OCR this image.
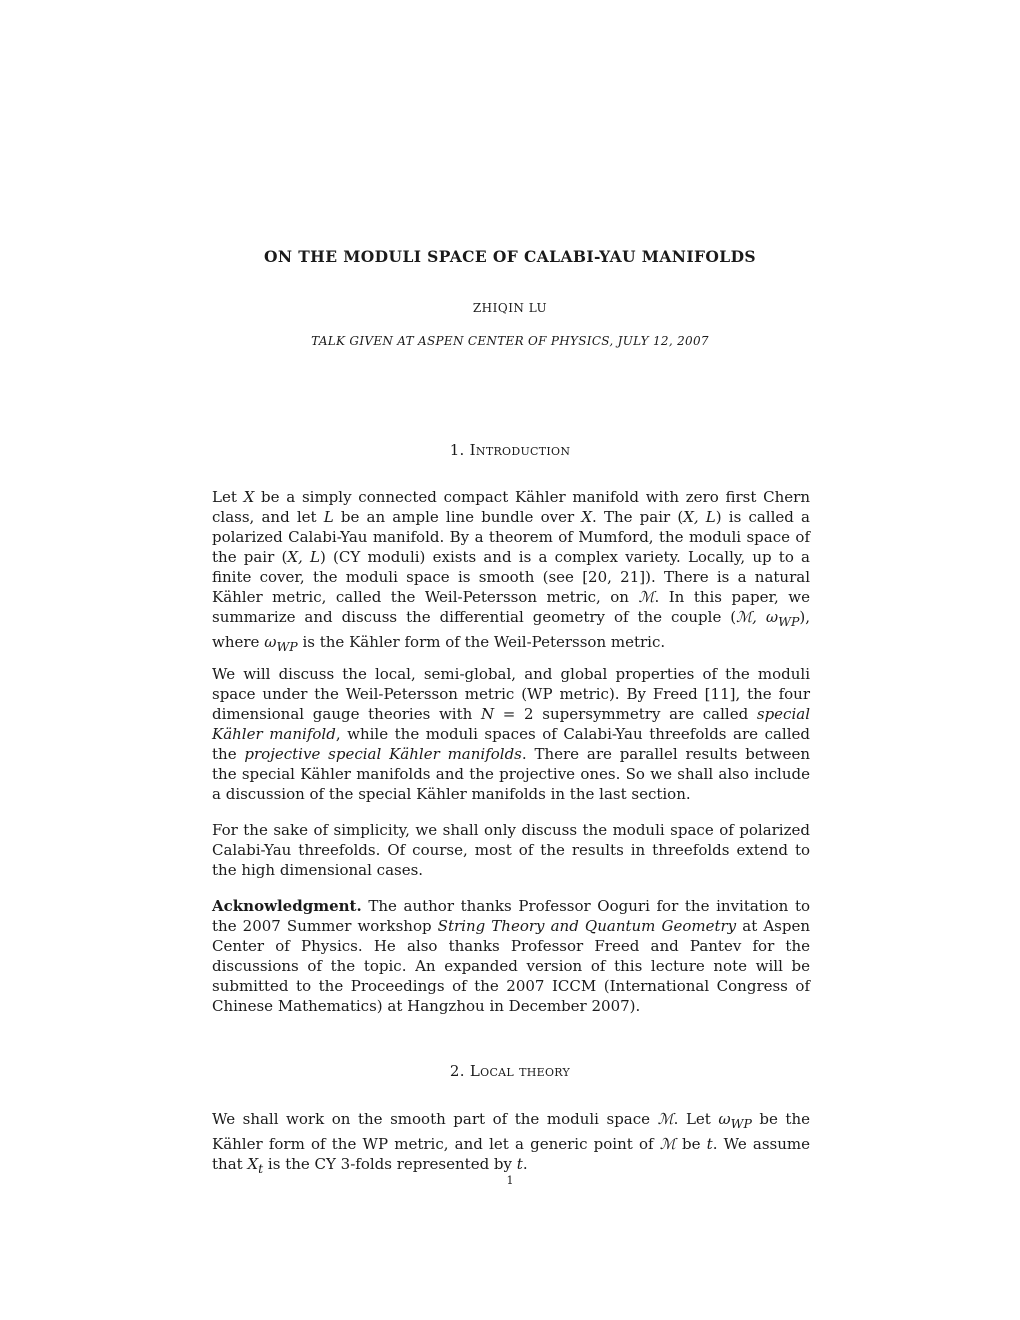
ON THE MODULI SPACE OF CALABI-YAU MANIFOLDS
ZHIQIN LU
TALK GIVEN AT ASPEN CENTER OF PHYSICS, JULY 12, 2007
1. Introduction

Let X be a simply connected compact Kähler manifold with zero first Chern class, and let L be an ample line bundle over X. The pair (X, L) is called a polarized Calabi-Yau manifold. By a theorem of Mumford, the moduli space of the pair (X, L) (CY moduli) exists and is a complex variety. Locally, up to a finite cover, the moduli space is smooth (see [20, 21]). There is a natural Kähler metric, called the Weil-Petersson metric, on ℳ. In this paper, we summarize and discuss the differential geometry of the couple (ℳ, $\omega_{WP}$), where $\omega_{WP}$ is the Kähler form of the Weil-Petersson metric.

We will discuss the local, semi-global, and global properties of the moduli space under the Weil-Petersson metric (WP metric). By Freed [11], the four dimensional gauge theories with N = 2 supersymmetry are called special Kähler manifold, while the moduli spaces of Calabi-Yau threefolds are called the projective special Kähler manifolds. There are parallel results between the special Kähler manifolds and the projective ones. So we shall also include a discussion of the special Kähler manifolds in the last section.

For the sake of simplicity, we shall only discuss the moduli space of polarized Calabi-Yau threefolds. Of course, most of the results in threefolds extend to the high dimensional cases.

Acknowledgment. The author thanks Professor Ooguri for the invitation to the 2007 Summer workshop String Theory and Quantum Geometry at Aspen Center of Physics. He also thanks Professor Freed and Pantev for the discussions of the topic. An expanded version of this lecture note will be submitted to the Proceedings of the 2007 ICCM (International Congress of Chinese Mathematics) at Hangzhou in December 2007).

2. Local theory

We shall work on the smooth part of the moduli space ℳ. Let $\omega_{WP}$ be the Kähler form of the WP metric, and let a generic point of ℳ be t. We assume that $X_t$ is the CY 3-folds represented by t.

1
